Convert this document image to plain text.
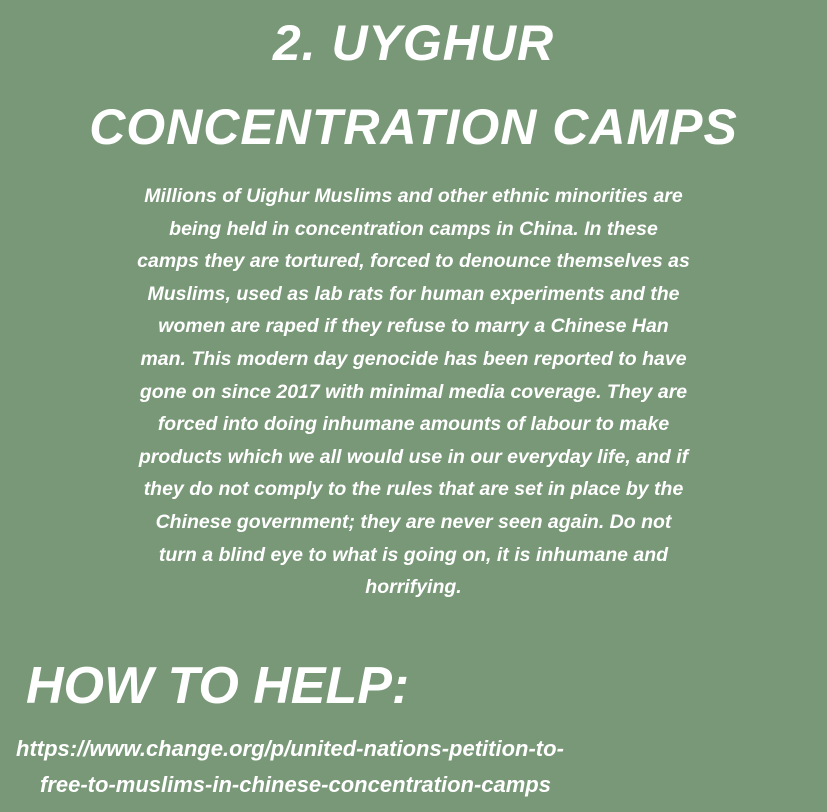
2. UYGHUR
CONCENTRATION CAMPS

Millions of Uighur Muslims and other ethnic minorities are
being held in concentration camps in China. In these
camps they are tortured, forced to denounce themselves as
Muslims, used as lab rats for human experiments and the
women are raped if they refuse to marry a Chinese Han
man. This modern day genocide has been reported to have
gone on since 2017 with minimal media coverage. They are
forced into doing inhumane amounts of labour to make
products which we all would use in our everyday life, and if
they do not comply to the rules that are set in place by the
Chinese government; they are never seen again. Do not
turn a blind eye to what is going on, it is inhumane and
horrifying.

HOW TO HELP:
https://www.change.org/p/united-nations-petition-to-
free-to-muslims-in-chinese-concentration-camps
